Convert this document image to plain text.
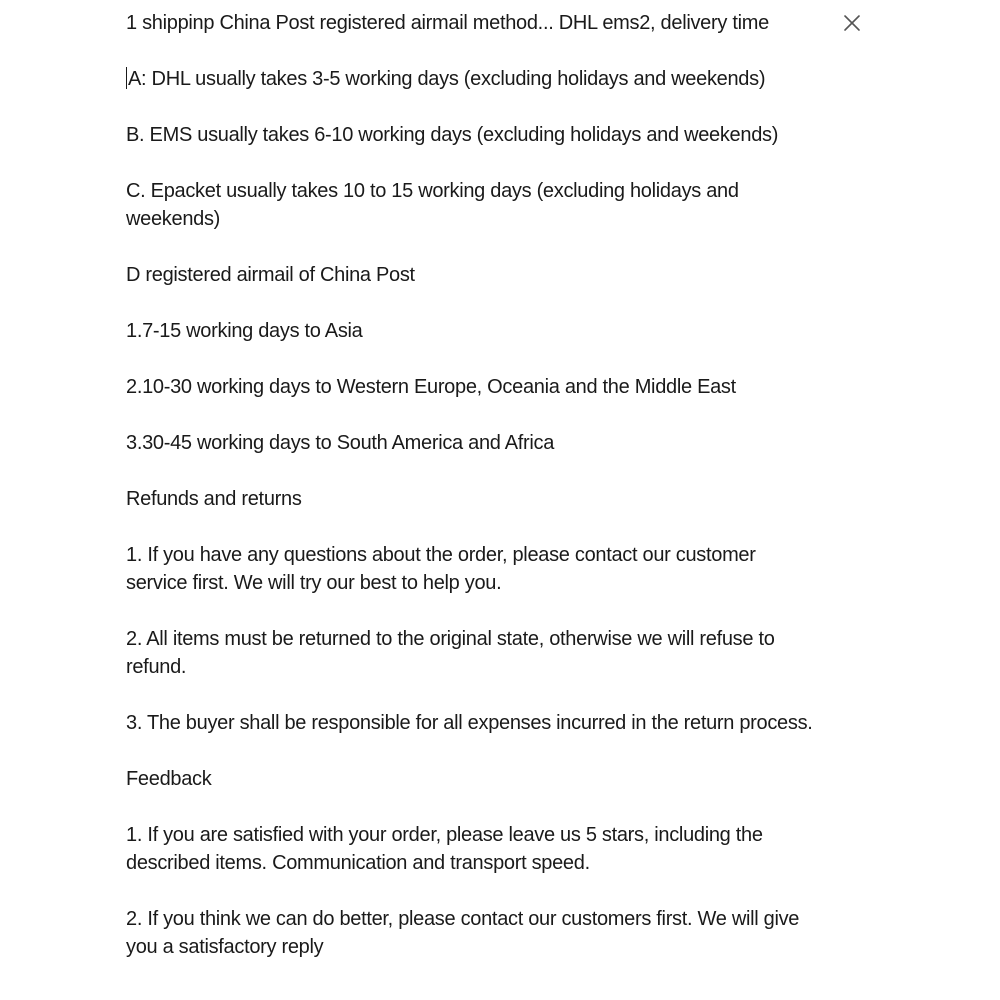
1 shippinp China Post registered airmail method... DHL ems2, delivery time

A: DHL usually takes 3-5 working days (excluding holidays and weekends)

B. EMS usually takes 6-10 working days (excluding holidays and weekends)

C. Epacket usually takes 10 to 15 working days (excluding holidays and weekends)

D registered airmail of China Post

1.7-15 working days to Asia

2.10-30 working days to Western Europe, Oceania and the Middle East

3.30-45 working days to South America and Africa

Refunds and returns

1. If you have any questions about the order, please contact our customer service first. We will try our best to help you.

2. All items must be returned to the original state, otherwise we will refuse to refund.

3. The buyer shall be responsible for all expenses incurred in the return process.

Feedback

1. If you are satisfied with your order, please leave us 5 stars, including the described items. Communication and transport speed.

2. If you think we can do better, please contact our customers first. We will give you a satisfactory reply
